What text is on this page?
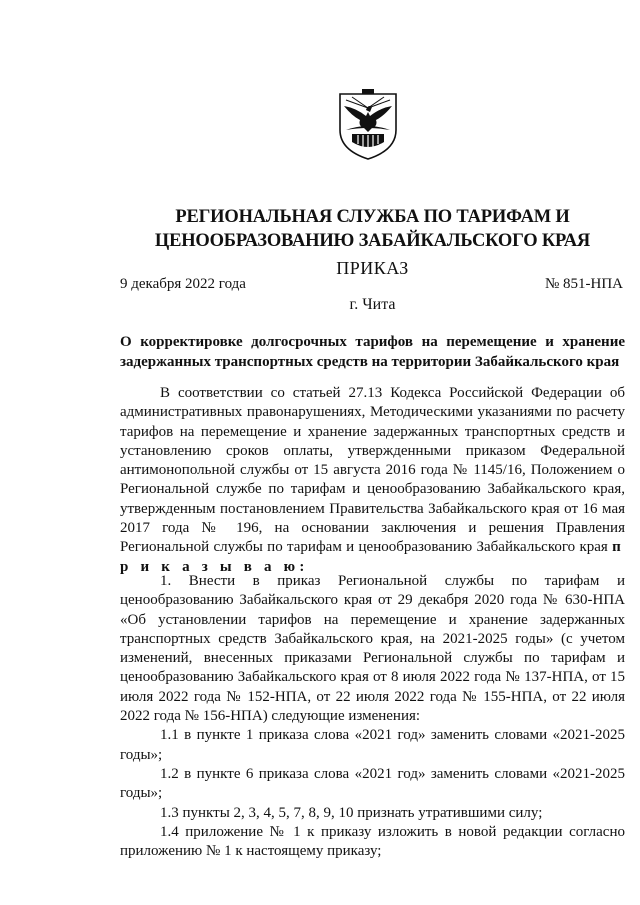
РЕГИОНАЛЬНАЯ СЛУЖБА ПО ТАРИФАМ И
ЦЕНООБРАЗОВАНИЮ ЗАБАЙКАЛЬСКОГО КРАЯ
ПРИКАЗ
9 декабря 2022 года	№ 851-НПА
г. Чита
О корректировке долгосрочных тарифов на перемещение и хранение задержанных транспортных средств на территории Забайкальского края

В соответствии со статьей 27.13 Кодекса Российской Федерации об административных правонарушениях, Методическими указаниями по расчету тарифов на перемещение и хранение задержанных транспортных средств и установлению сроков оплаты, утвержденными приказом Федеральной антимонопольной службы от 15 августа 2016 года № 1145/16, Положением о Региональной службе по тарифам и ценообразованию Забайкальского края, утвержденным постановлением Правительства Забайкальского края от 16 мая 2017 года № 196, на основании заключения и решения Правления Региональной службы по тарифам и ценообразованию Забайкальского края п р и к а з ы в а ю:

1. Внести в приказ Региональной службы по тарифам и ценообразованию Забайкальского края от 29 декабря 2020 года № 630-НПА «Об установлении тарифов на перемещение и хранение задержанных транспортных средств Забайкальского края, на 2021-2025 годы» (с учетом изменений, внесенных приказами Региональной службы по тарифам и ценообразованию Забайкальского края от 8 июля 2022 года № 137-НПА, от 15 июля 2022 года № 152-НПА, от 22 июля 2022 года № 155-НПА, от 22 июля 2022 года № 156-НПА) следующие изменения:

1.1 в пункте 1 приказа слова «2021 год» заменить словами «2021-2025 годы»;

1.2 в пункте 6 приказа слова «2021 год» заменить словами «2021-2025 годы»;

1.3 пункты 2, 3, 4, 5, 7, 8, 9, 10 признать утратившими силу;

1.4 приложение № 1 к приказу изложить в новой редакции согласно приложению № 1 к настоящему приказу;
